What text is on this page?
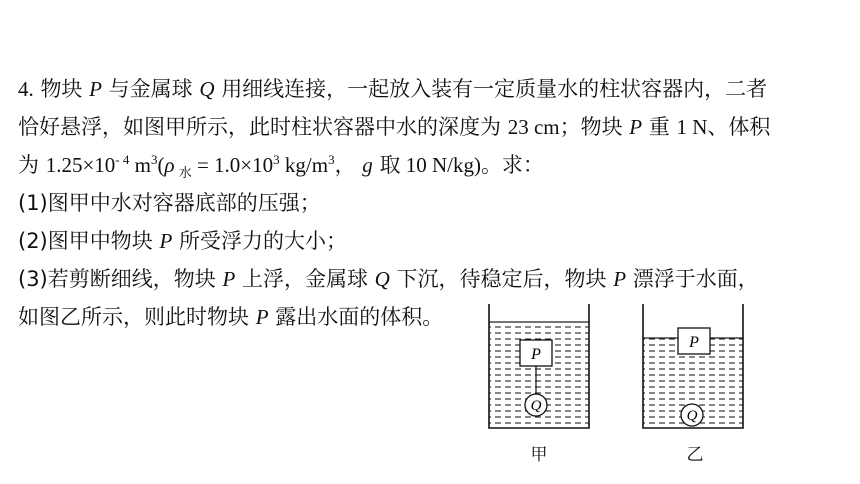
4. 物块 P 与金属球 Q 用细线连接，一起放入装有一定质量水的柱状容器内，二者
恰好悬浮，如图甲所示，此时柱状容器中水的深度为 23 cm；物块 P 重 1 N、体积
为 $1.25\times 10^{- 4}$ $m^3(\rho$ $_水 = 1.0\times 10^3$ $kg/m^3$， g 取 10 N/kg)。求：
(1)图甲中水对容器底部的压强；
(2)图甲中物块 P 所受浮力的大小；
(3)若剪断细线，物块 P 上浮，金属球 Q 下沉，待稳定后，物块 P 漂浮于水面，
如图乙所示，则此时物块 P 露出水面的体积。
P
Q
甲
P
Q
乙
